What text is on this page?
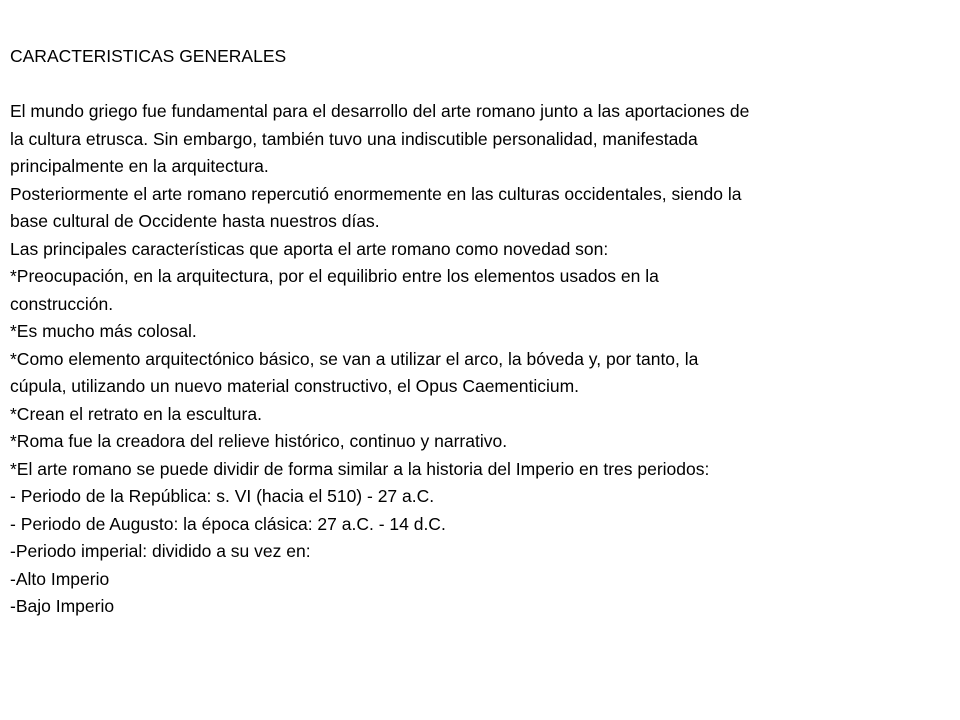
CARACTERISTICAS GENERALES
El mundo griego fue fundamental para el desarrollo del arte romano junto a las aportaciones de
la cultura etrusca. Sin embargo, también tuvo una indiscutible personalidad, manifestada
principalmente en la arquitectura.
Posteriormente el arte romano repercutió enormemente en las culturas occidentales, siendo la
base cultural de Occidente hasta nuestros días.
Las principales características que aporta el arte romano como novedad son:
*Preocupación, en la arquitectura, por el equilibrio entre los elementos usados en la
construcción.
*Es mucho más colosal.
*Como elemento arquitectónico básico, se van a utilizar el arco, la bóveda y, por tanto, la
cúpula, utilizando un nuevo material constructivo, el Opus Caementicium.
*Crean el retrato en la escultura.
*Roma fue la creadora del relieve histórico, continuo y narrativo.
*El arte romano se puede dividir de forma similar a la historia del Imperio en tres periodos:
- Periodo de la República: s. VI (hacia el 510) - 27 a.C.
- Periodo de Augusto: la época clásica: 27 a.C. - 14 d.C.
-Periodo imperial: dividido a su vez en:
-Alto Imperio
-Bajo Imperio
